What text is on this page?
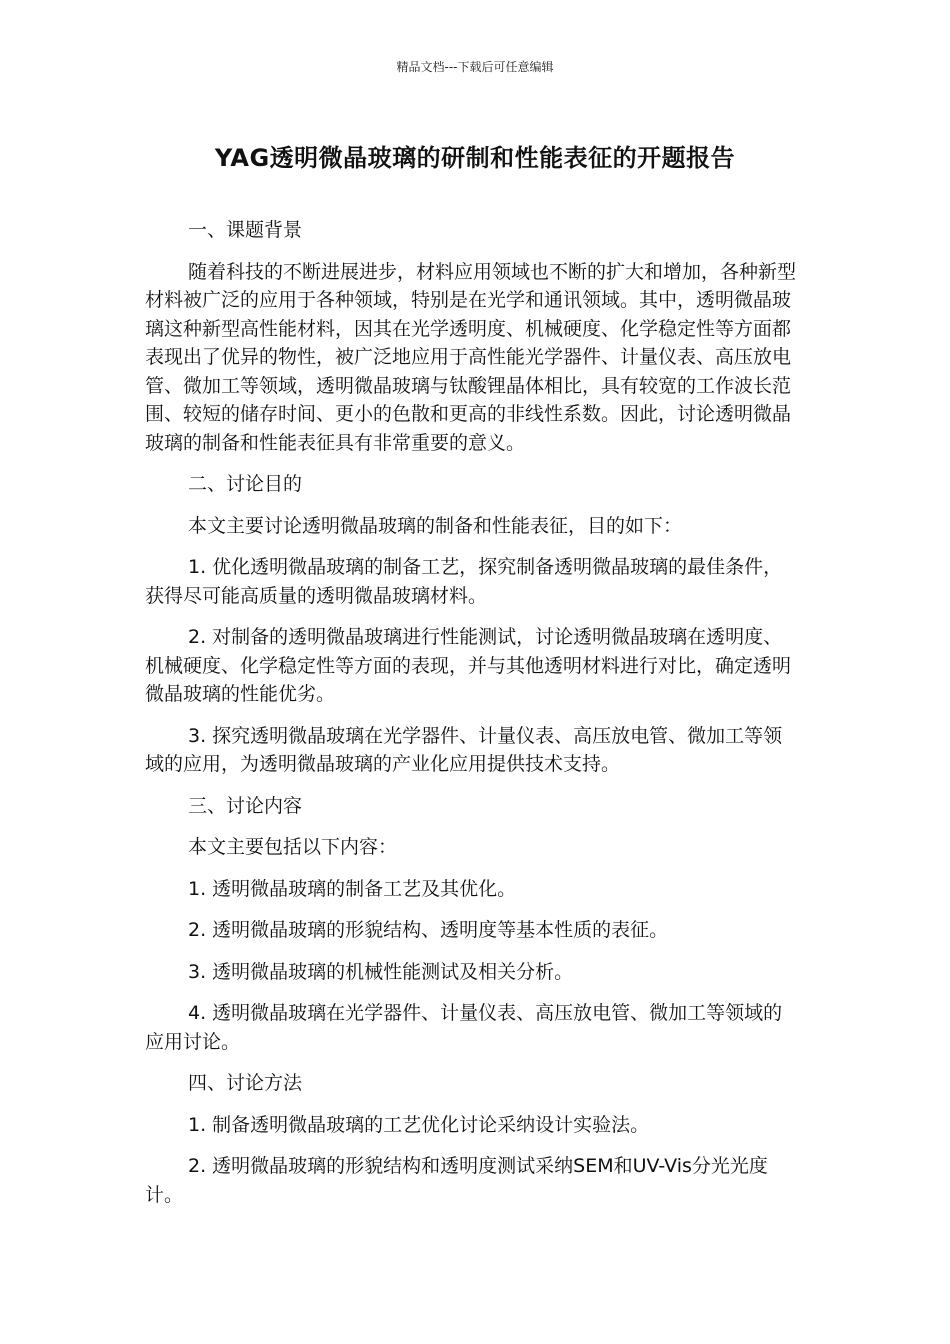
精品文档---下载后可任意编辑
YAG透明微晶玻璃的研制和性能表征的开题报告

一、课题背景

随着科技的不断进展进步，材料应用领域也不断的扩大和增加，各种新型材料被广泛的应用于各种领域，特别是在光学和通讯领域。其中，透明微晶玻璃这种新型高性能材料，因其在光学透明度、机械硬度、化学稳定性等方面都表现出了优异的物性，被广泛地应用于高性能光学器件、计量仪表、高压放电管、微加工等领域，透明微晶玻璃与钛酸锂晶体相比，具有较宽的工作波长范围、较短的储存时间、更小的色散和更高的非线性系数。因此，讨论透明微晶玻璃的制备和性能表征具有非常重要的意义。

二、讨论目的

本文主要讨论透明微晶玻璃的制备和性能表征，目的如下：

1. 优化透明微晶玻璃的制备工艺，探究制备透明微晶玻璃的最佳条件，获得尽可能高质量的透明微晶玻璃材料。

2. 对制备的透明微晶玻璃进行性能测试，讨论透明微晶玻璃在透明度、机械硬度、化学稳定性等方面的表现，并与其他透明材料进行对比，确定透明微晶玻璃的性能优劣。

3. 探究透明微晶玻璃在光学器件、计量仪表、高压放电管、微加工等领域的应用，为透明微晶玻璃的产业化应用提供技术支持。

三、讨论内容

本文主要包括以下内容：

1. 透明微晶玻璃的制备工艺及其优化。

2. 透明微晶玻璃的形貌结构、透明度等基本性质的表征。

3. 透明微晶玻璃的机械性能测试及相关分析。

4. 透明微晶玻璃在光学器件、计量仪表、高压放电管、微加工等领域的应用讨论。

四、讨论方法

1. 制备透明微晶玻璃的工艺优化讨论采纳设计实验法。

2. 透明微晶玻璃的形貌结构和透明度测试采纳SEM和UV-Vis分光光度计。
